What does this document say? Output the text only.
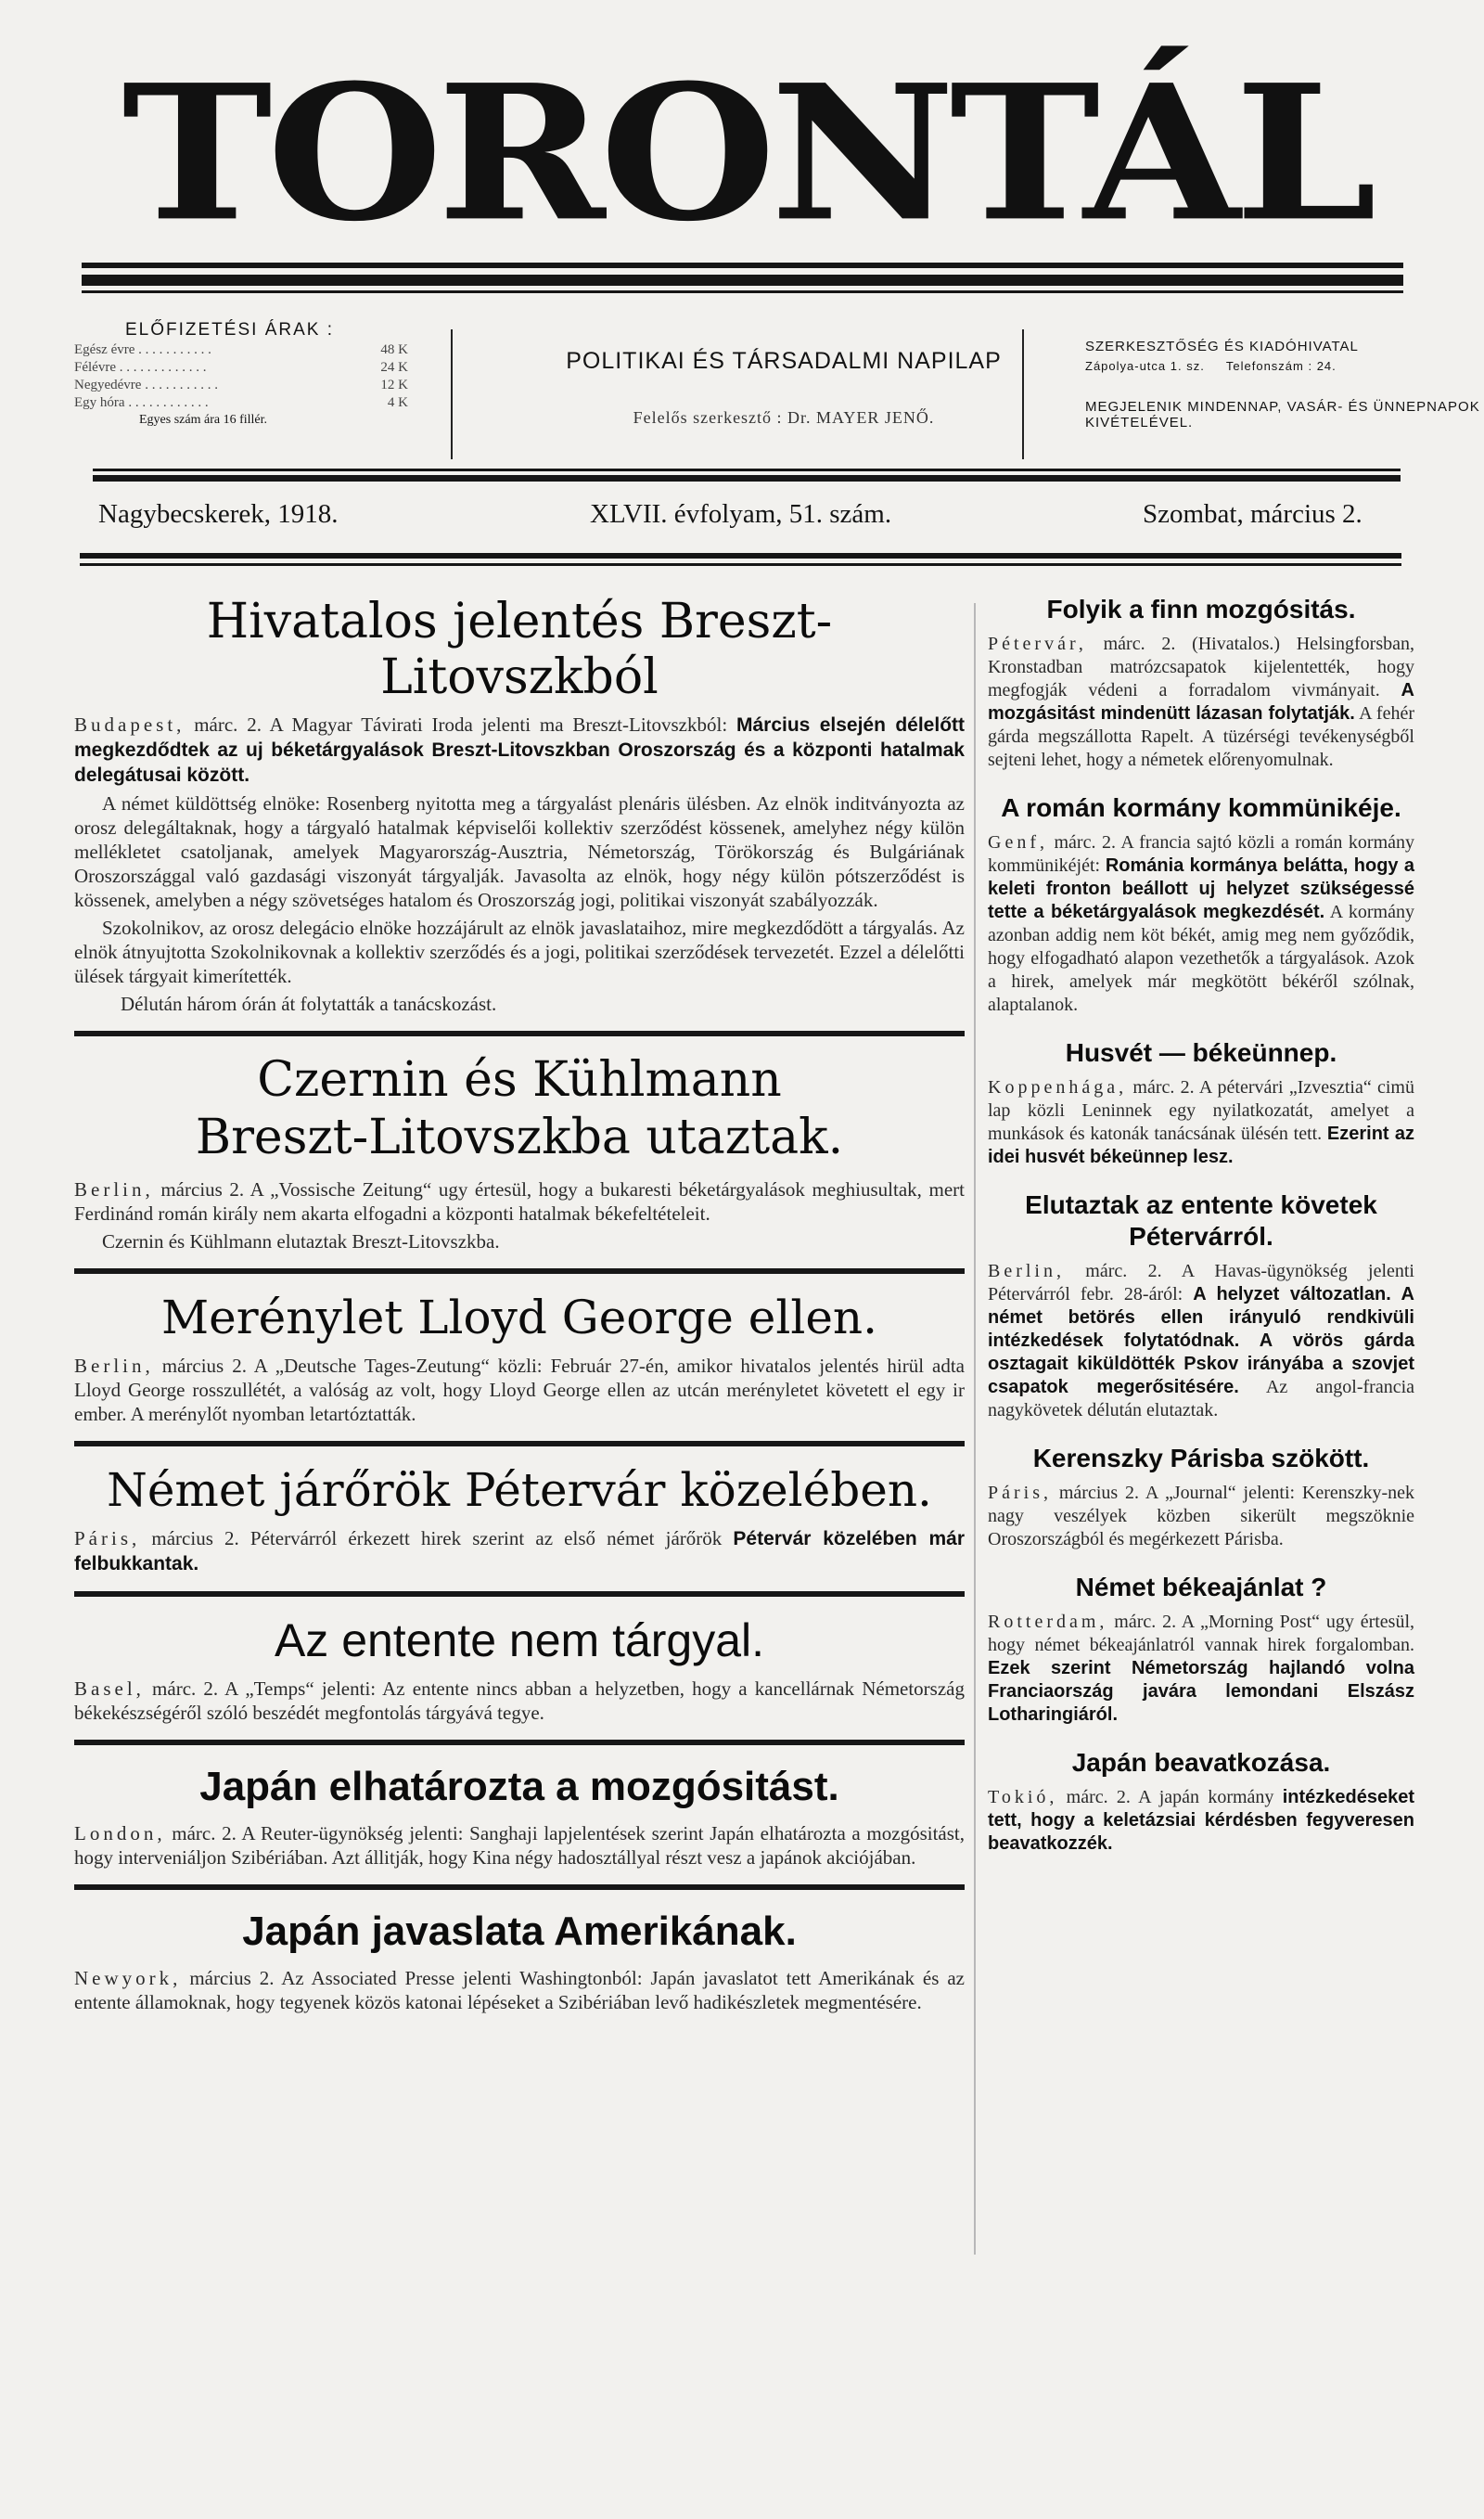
TORONTÁL
ELŐFIZETÉSI ÁRAK :
Egész évre . . . . . . . . . . .	48 K
Félévre . . . . . . . . . . . . .	24 K
Negyedévre . . . . . . . . . . .	12 K
Egy hóra . . . . . . . . . . . .	4 K
Egyes szám ára 16 fillér.
POLITIKAI ÉS TÁRSADALMI NAPILAP
Felelős szerkesztő : Dr. MAYER JENŐ.
SZERKESZTŐSÉG ÉS KIADÓHIVATAL
Zápolya-utca 1. sz. Telefonszám : 24.
MEGJELENIK MINDENNAP, VASÁR- ÉS ÜNNEPNAPOK KIVÉTELÉVEL.
Nagybecskerek, 1918.	XLVII. évfolyam, 51. szám.	Szombat, március 2.
Hivatalos jelentés Breszt-Litovszkból

Budapest, márc. 2. A Magyar Távirati Iroda jelenti ma Breszt-Litovszkból: Március elsején délelőtt megkezdődtek az uj béketárgyalások Breszt-Litovszkban Oroszország és a központi hatalmak delegátusai között.

A német küldöttség elnöke: Rosenberg nyitotta meg a tárgyalást plenáris ülésben. Az elnök inditványozta az orosz delegáltaknak, hogy a tárgyaló hatalmak képviselői kollektiv szerződést kössenek, amelyhez négy külön mellékletet csatoljanak, amelyek Magyarország-Ausztria, Németország, Törökország és Bulgáriának Oroszországgal való gazdasági viszonyát tárgyalják. Javasolta az elnök, hogy négy külön pótszerződést is kössenek, amelyben a négy szövetséges hatalom és Oroszország jogi, politikai viszonyát szabályozzák.

Szokolnikov, az orosz delegácio elnöke hozzájárult az elnök javaslataihoz, mire megkezdődött a tárgyalás. Az elnök átnyujtotta Szokolnikovnak a kollektiv szerződés és a jogi, politikai szerződések tervezetét. Ezzel a délelőtti ülések tárgyait kimerítették.

Délután három órán át folytatták a tanácskozást.

Czernin és Kühlmann Breszt-Litovszkba utaztak.

Berlin, március 2. A „Vossische Zeitung“ ugy értesül, hogy a bukaresti béketárgyalások meghiusultak, mert Ferdinánd román király nem akarta elfogadni a központi hatalmak békefeltételeit.

Czernin és Kühlmann elutaztak Breszt-Litovszkba.

Merénylet Lloyd George ellen.

Berlin, március 2. A „Deutsche Tages-Zeutung“ közli: Február 27-én, amikor hivatalos jelentés hirül adta Lloyd George rosszullétét, a valóság az volt, hogy Lloyd George ellen az utcán merényletet követett el egy ir ember. A merénylőt nyomban letartóztatták.

Német járőrök Pétervár közelében.

Páris, március 2. Pétervárról érkezett hirek szerint az első német járőrök Pétervár közelében már felbukkantak.

Az entente nem tárgyal.

Basel, márc. 2. A „Temps“ jelenti: Az entente nincs abban a helyzetben, hogy a kancellárnak Németország békekészségéről szóló beszédét megfontolás tárgyává tegye.

Japán elhatározta a mozgósitást.

London, márc. 2. A Reuter-ügynökség jelenti: Sanghaji lapjelentések szerint Japán elhatározta a mozgósitást, hogy interveniáljon Szibériában. Azt állitják, hogy Kina négy hadosztállyal részt vesz a japánok akciójában.

Japán javaslata Amerikának.

Newyork, március 2. Az Associated Presse jelenti Washingtonból: Japán javaslatot tett Amerikának és az entente államoknak, hogy tegyenek közös katonai lépéseket a Szibériában levő hadikészletek megmentésére.

Folyik a finn mozgósitás.

Pétervár, márc. 2. (Hivatalos.) Helsingforsban, Kronstadban matrózcsapatok kijelentették, hogy megfogják védeni a forradalom vivmányait. A mozgásitást mindenütt lázasan folytatják. A fehér gárda megszállotta Rapelt. A tüzérségi tevékenységből sejteni lehet, hogy a németek előrenyomulnak.

A román kormány kommünikéje.

Genf, márc. 2. A francia sajtó közli a román kormány kommünikéjét: Románia kormánya belátta, hogy a keleti fronton beállott uj helyzet szükségessé tette a béketárgyalások megkezdését. A kormány azonban addig nem köt békét, amig meg nem győződik, hogy elfogadható alapon vezethetők a tárgyalások. Azok a hirek, amelyek már megkötött békéről szólnak, alaptalanok.

Husvét — békeünnep.

Koppenhága, márc. 2. A pétervári „Izvesztia“ cimü lap közli Leninnek egy nyilatkozatát, amelyet a munkások és katonák tanácsának ülésén tett. Ezerint az idei husvét békeünnep lesz.

Elutaztak az entente követek Pétervárról.

Berlin, márc. 2. A Havas-ügynökség jelenti Pétervárról febr. 28-áról: A helyzet változatlan. A német betörés ellen irányuló rendkivüli intézkedések folytatódnak. A vörös gárda osztagait kiküldötték Pskov irányába a szovjet csapatok megerősitésére. Az angol-francia nagykövetek délután elutaztak.

Kerenszky Párisba szökött.

Páris, március 2. A „Journal“ jelenti: Kerenszky-nek nagy veszélyek közben sikerült megszöknie Oroszországból és megérkezett Párisba.

Német békeajánlat ?

Rotterdam, márc. 2. A „Morning Post“ ugy értesül, hogy német békeajánlatról vannak hirek forgalomban. Ezek szerint Németország hajlandó volna Franciaország javára lemondani Elszász Lotharingiáról.

Japán beavatkozása.

Tokió, márc. 2. A japán kormány intézkedéseket tett, hogy a keletázsiai kérdésben fegyveresen beavatkozzék.
